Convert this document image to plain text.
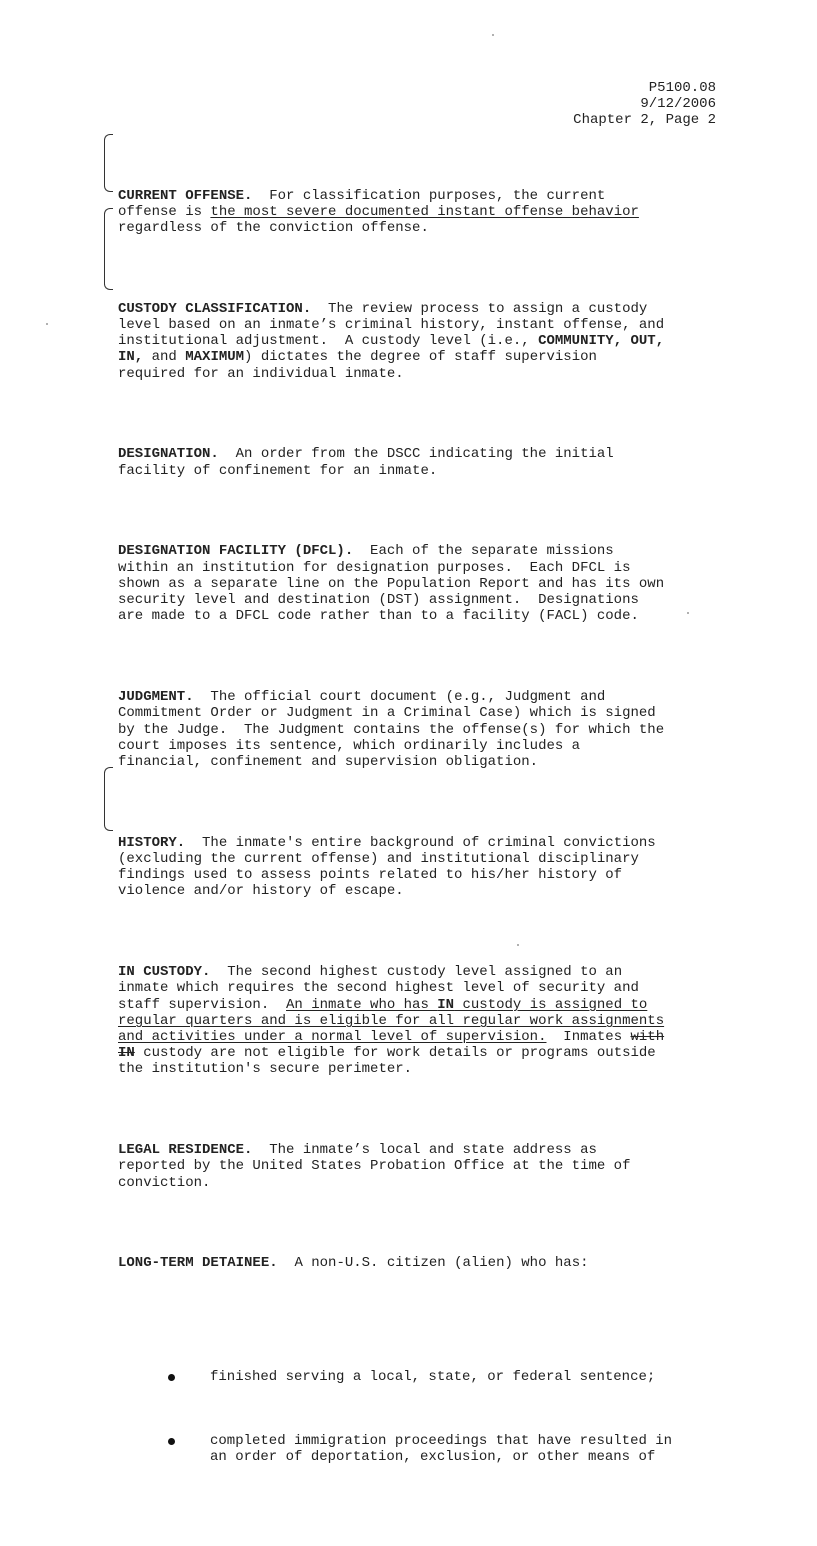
P5100.08
9/12/2006
Chapter 2, Page 2

CURRENT OFFENSE.  For classification purposes, the current
offense is the most severe documented instant offense behavior
regardless of the conviction offense.

CUSTODY CLASSIFICATION.  The review process to assign a custody
level based on an inmate’s criminal history, instant offense, and
institutional adjustment.  A custody level (i.e., COMMUNITY, OUT,
IN, and MAXIMUM) dictates the degree of staff supervision
required for an individual inmate.

DESIGNATION.  An order from the DSCC indicating the initial
facility of confinement for an inmate.

DESIGNATION FACILITY (DFCL).  Each of the separate missions
within an institution for designation purposes.  Each DFCL is
shown as a separate line on the Population Report and has its own
security level and destination (DST) assignment.  Designations
are made to a DFCL code rather than to a facility (FACL) code.

JUDGMENT.  The official court document (e.g., Judgment and
Commitment Order or Judgment in a Criminal Case) which is signed
by the Judge.  The Judgment contains the offense(s) for which the
court imposes its sentence, which ordinarily includes a
financial, confinement and supervision obligation.

HISTORY.  The inmate's entire background of criminal convictions
(excluding the current offense) and institutional disciplinary
findings used to assess points related to his/her history of
violence and/or history of escape.

IN CUSTODY.  The second highest custody level assigned to an
inmate which requires the second highest level of security and
staff supervision.  An inmate who has IN custody is assigned to
regular quarters and is eligible for all regular work assignments
and activities under a normal level of supervision.  Inmates with
IN custody are not eligible for work details or programs outside
the institution's secure perimeter.

LEGAL RESIDENCE.  The inmate’s local and state address as
reported by the United States Probation Office at the time of
conviction.

LONG-TERM DETAINEE.  A non-U.S. citizen (alien) who has:

finished serving a local, state, or federal sentence;

completed immigration proceedings that have resulted in
an order of deportation, exclusion, or other means of
